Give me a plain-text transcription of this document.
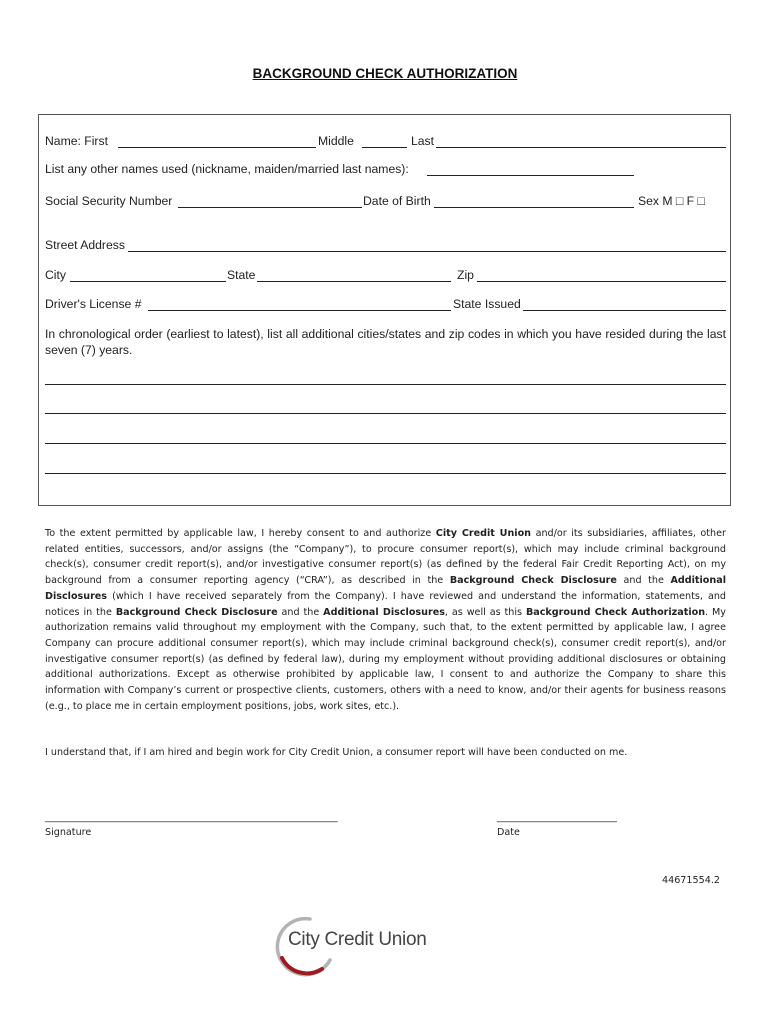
BACKGROUND CHECK AUTHORIZATION
Name: First	Middle	Last
List any other names used (nickname, maiden/married last names):
Social Security Number	Date of Birth	Sex M □ F □
Street Address
City	State	Zip
Driver's License #	State Issued

In chronological order (earliest to latest), list all additional cities/states and zip codes in which you have resided during the last seven (7) years.

To the extent permitted by applicable law, I hereby consent to and authorize City Credit Union and/or its subsidiaries, affiliates, other related entities, successors, and/or assigns (the “Company”), to procure consumer report(s), which may include criminal background check(s), consumer credit report(s), and/or investigative consumer report(s) (as defined by the federal Fair Credit Reporting Act), on my background from a consumer reporting agency (“CRA”), as described in the Background Check Disclosure and the Additional Disclosures (which I have received separately from the Company). I have reviewed and understand the information, statements, and notices in the Background Check Disclosure and the Additional Disclosures, as well as this Background Check Authorization. My authorization remains valid throughout my employment with the Company, such that, to the extent permitted by applicable law, I agree Company can procure additional consumer report(s), which may include criminal background check(s), consumer credit report(s), and/or investigative consumer report(s) (as defined by federal law), during my employment without providing additional disclosures or obtaining additional authorizations. Except as otherwise prohibited by applicable law, I consent to and authorize the Company to share this information with Company’s current or prospective clients, customers, others with a need to know, and/or their agents for business reasons (e.g., to place me in certain employment positions, jobs, work sites, etc.).

I understand that, if I am hired and begin work for City Credit Union, a consumer report will have been conducted on me.
_____________________________________________________________
Signature
_________________________
Date
44671554.2
City Credit Union
